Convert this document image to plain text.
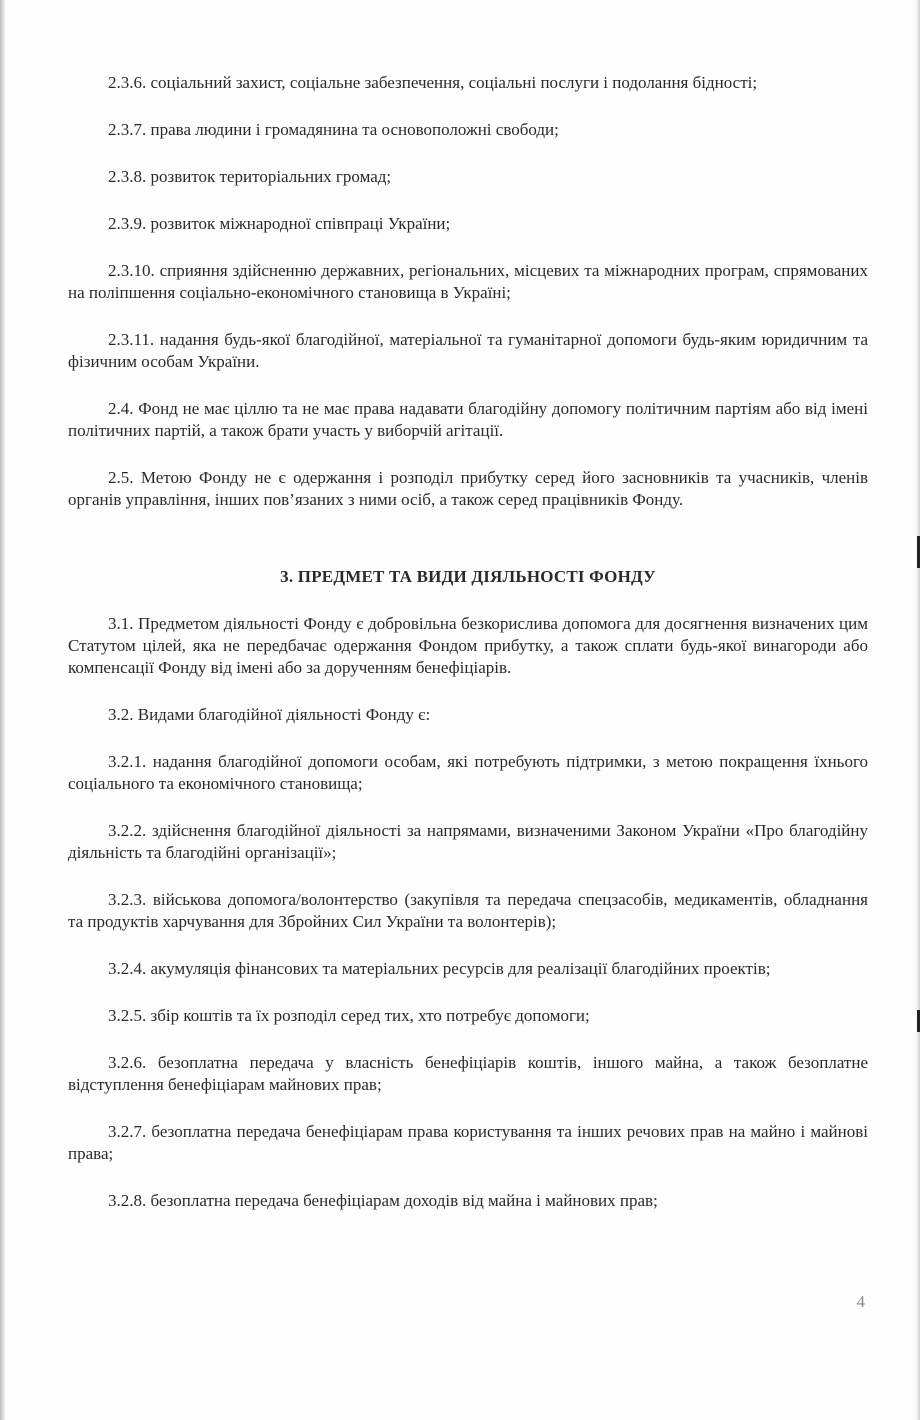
2.3.6. соціальний захист, соціальне забезпечення, соціальні послуги і подолання бідності;

2.3.7. права людини і громадянина та основоположні свободи;

2.3.8. розвиток територіальних громад;

2.3.9. розвиток міжнародної співпраці України;

2.3.10. сприяння здійсненню державних, регіональних, місцевих та міжнародних програм, спрямованих на поліпшення соціально-економічного становища в Україні;

2.3.11. надання будь-якої благодійної, матеріальної та гуманітарної допомоги будь-яким юридичним та фізичним особам України.

2.4. Фонд не має ціллю та не має права надавати благодійну допомогу політичним партіям або від імені політичних партій, а також брати участь у виборчій агітації.

2.5. Метою Фонду не є одержання і розподіл прибутку серед його засновників та учасників, членів органів управління, інших пов’язаних з ними осіб, а також серед працівників Фонду.

3. ПРЕДМЕТ ТА ВИДИ ДІЯЛЬНОСТІ ФОНДУ

3.1. Предметом діяльності Фонду є добровільна безкорислива допомога для досягнення визначених цим Статутом цілей, яка не передбачає одержання Фондом прибутку, а також сплати будь-якої винагороди або компенсації Фонду від імені або за дорученням бенефіціарів.

3.2. Видами благодійної діяльності Фонду є:

3.2.1. надання благодійної допомоги особам, які потребують підтримки, з метою покращення їхнього соціального та економічного становища;

3.2.2. здійснення благодійної діяльності за напрямами, визначеними Законом України «Про благодійну діяльність та благодійні організації»;

3.2.3. військова допомога/волонтерство (закупівля та передача спецзасобів, медикаментів, обладнання та продуктів харчування для Збройних Сил України та волонтерів);

3.2.4. акумуляція фінансових та матеріальних ресурсів для реалізації благодійних проектів;

3.2.5. збір коштів та їх розподіл серед тих, хто потребує допомоги;

3.2.6. безоплатна передача у власність бенефіціарів коштів, іншого майна, а також безоплатне відступлення бенефіціарам майнових прав;

3.2.7. безоплатна передача бенефіціарам права користування та інших речових прав на майно і майнові права;

3.2.8. безоплатна передача бенефіціарам доходів від майна і майнових прав;

4
